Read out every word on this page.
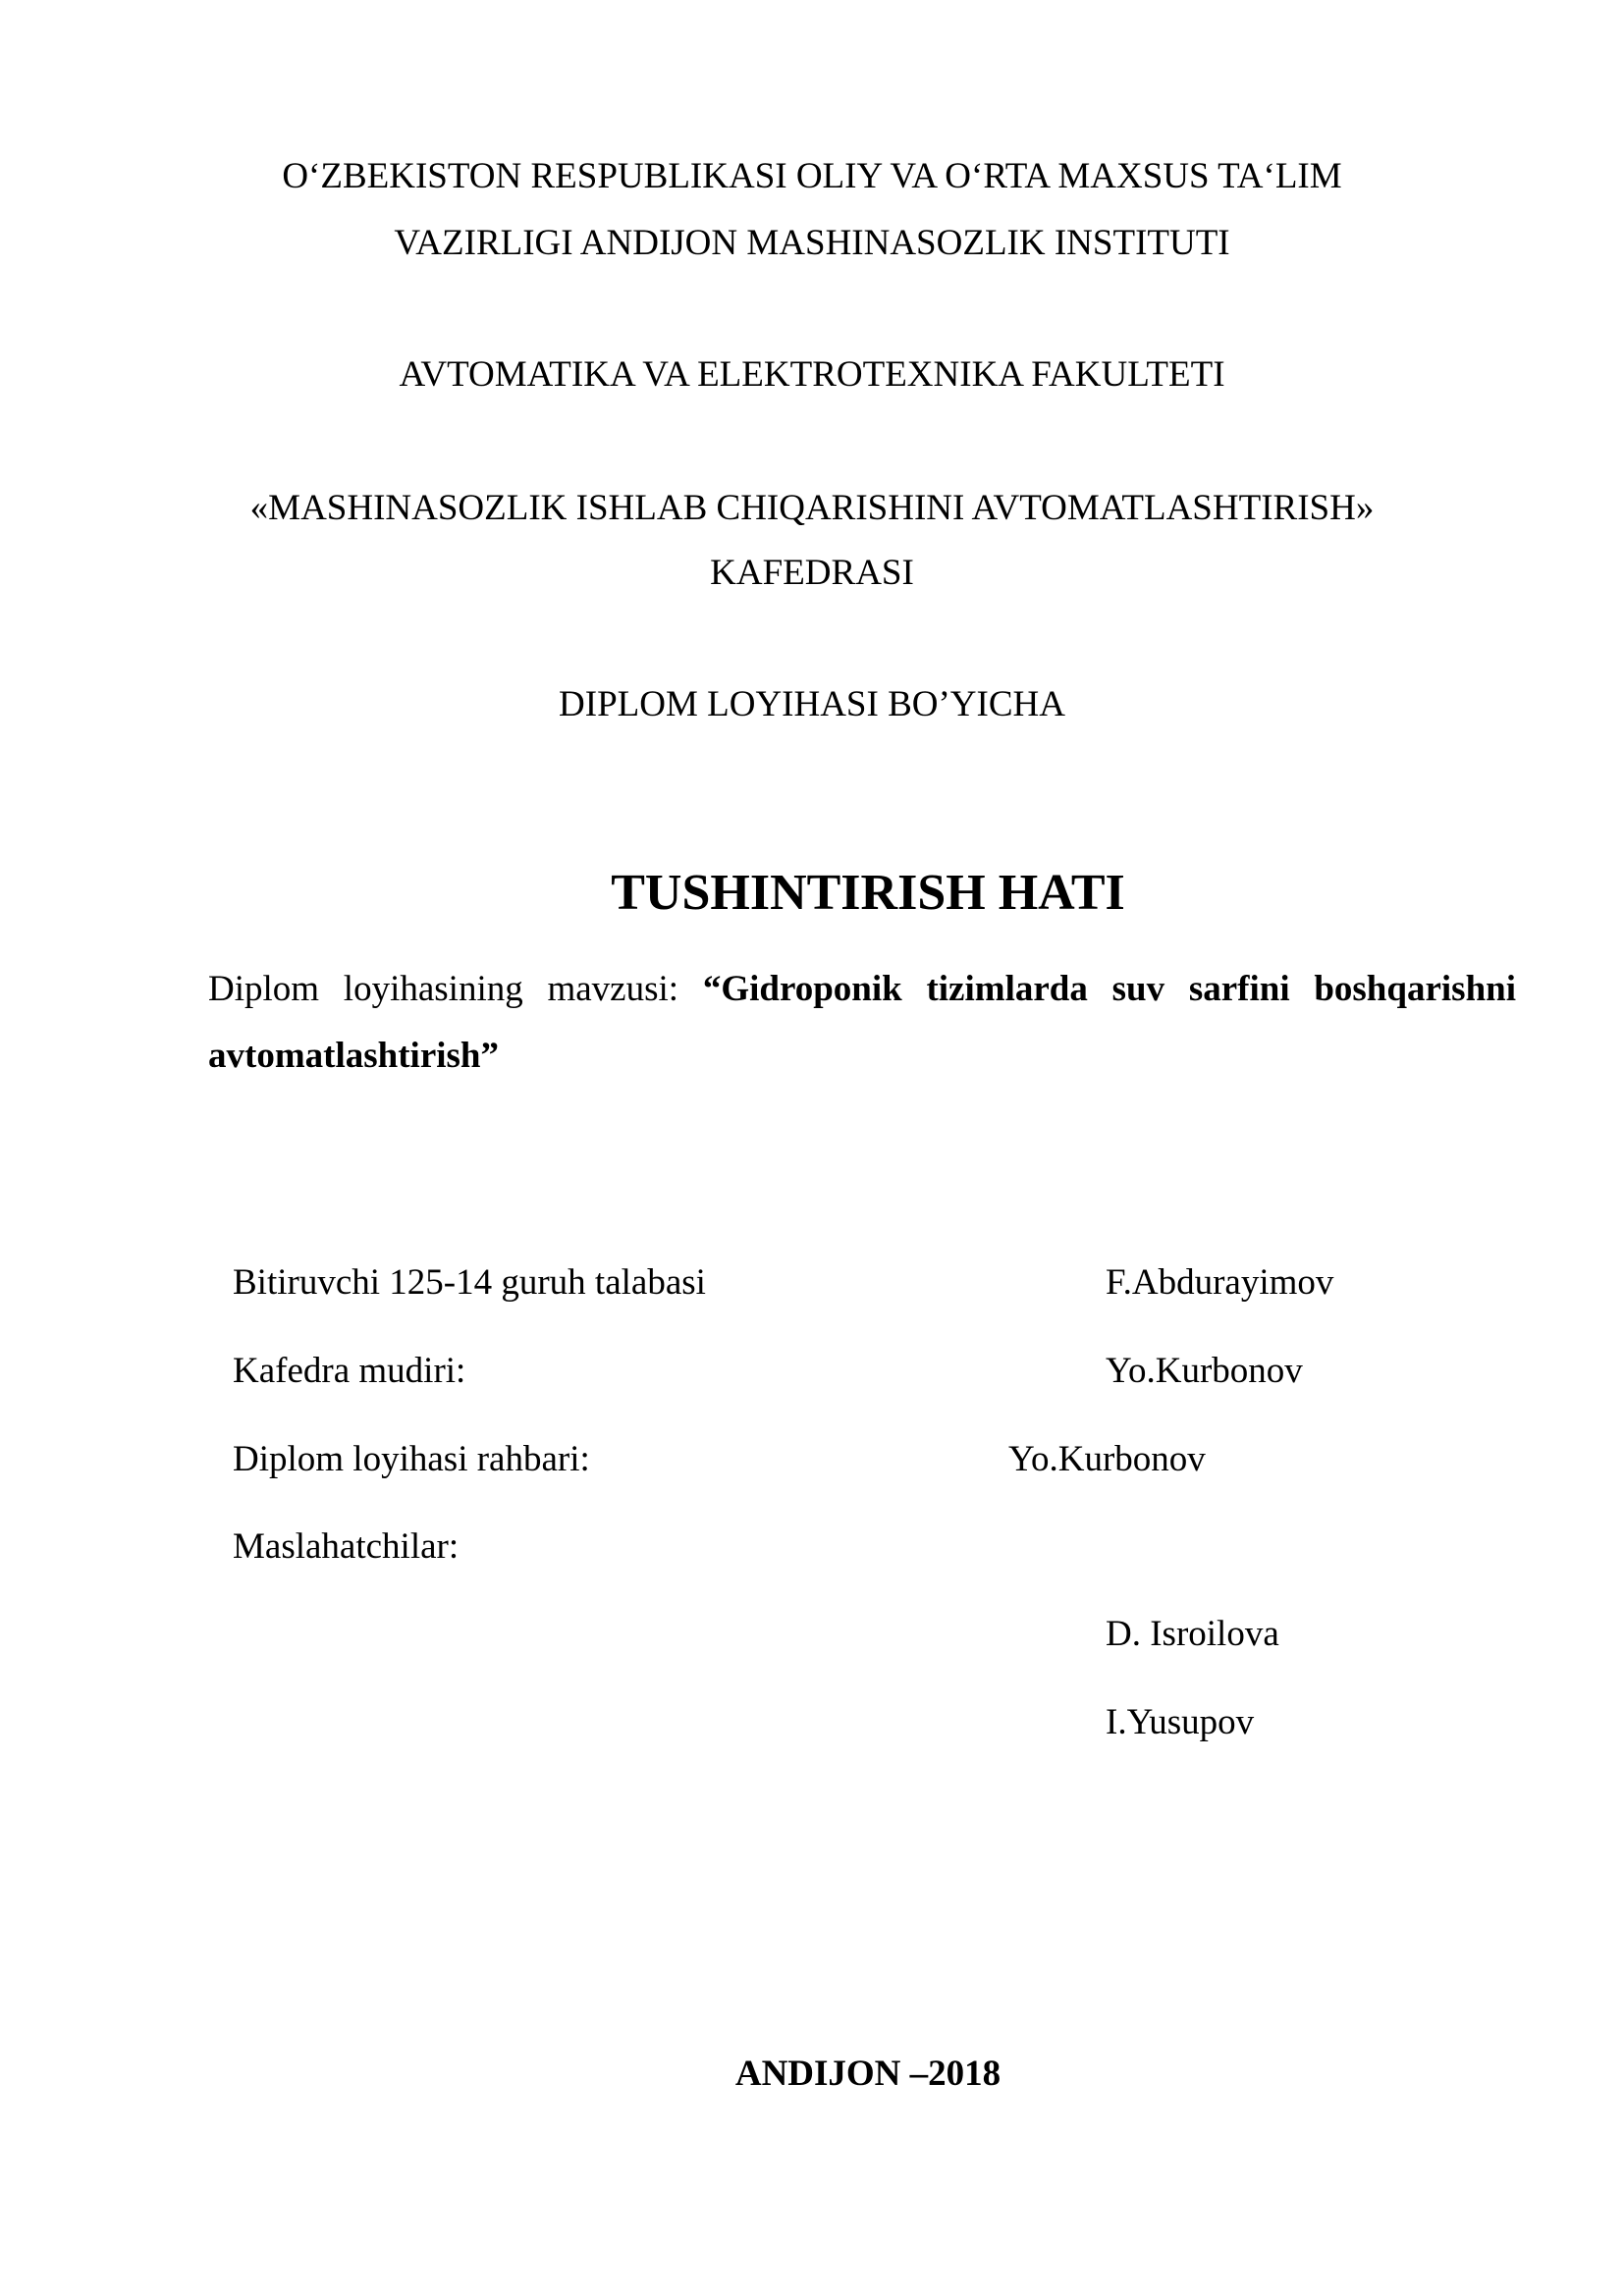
O‘ZBEKISTON RESPUBLIKASI OLIY VA O‘RTA MAXSUS TA‘LIM
VAZIRLIGI ANDIJON MASHINASOZLIK INSTITUTI
AVTOMATIKA VA ELEKTROTEXNIKA FAKULTETI
«MASHINASOZLIK ISHLAB CHIQARISHINI AVTOMATLASHTIRISH»
KAFEDRASI
DIPLOM LOYIHASI BO’YICHA
TUSHINTIRISH HATI
Diplom loyihasining mavzusi: “Gidroponik tizimlarda suv sarfini boshqarishni avtomatlashtirish”
Bitiruvchi 125-14 guruh talabasi	F.Abdurayimov
Kafedra mudiri:	Yo.Kurbonov
Diplom loyihasi rahbari:	Yo.Kurbonov
Maslahatchilar:
D. Isroilova
I.Yusupov
ANDIJON –2018
